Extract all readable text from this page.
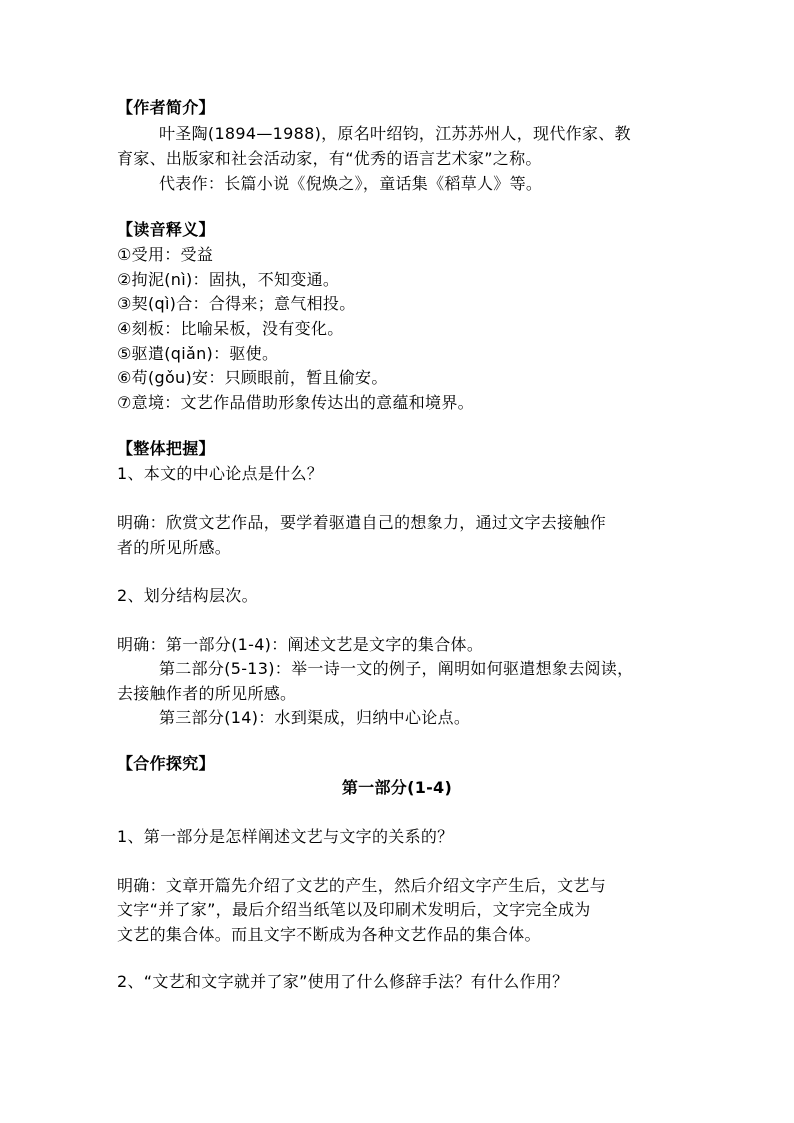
【作者简介】
叶圣陶(1894—1988)，原名叶绍钧，江苏苏州人，现代作家、教
育家、出版家和社会活动家，有“优秀的语言艺术家”之称。
代表作：长篇小说《倪焕之》，童话集《稻草人》等。
【读音释义】
①受用：受益
②拘泥(nì)：固执，不知变通。
③契(qì)合：合得来；意气相投。
④刻板：比喻呆板，没有变化。
⑤驱遣(qiǎn)：驱使。
⑥苟(gǒu)安：只顾眼前，暂且偷安。
⑦意境：文艺作品借助形象传达出的意蕴和境界。
【整体把握】
1、本文的中心论点是什么？
明确：欣赏文艺作品，要学着驱遣自己的想象力，通过文字去接触作
者的所见所感。
2、划分结构层次。
明确：第一部分(1-4)：阐述文艺是文字的集合体。
第二部分(5-13)：举一诗一文的例子，阐明如何驱遣想象去阅读，
去接触作者的所见所感。
第三部分(14)：水到渠成，归纳中心论点。
【合作探究】
第一部分(1-4)
1、第一部分是怎样阐述文艺与文字的关系的？
明确：文章开篇先介绍了文艺的产生，然后介绍文字产生后，文艺与
文字“并了家”，最后介绍当纸笔以及印刷术发明后，文字完全成为
文艺的集合体。而且文字不断成为各种文艺作品的集合体。
2、“文艺和文字就并了家”使用了什么修辞手法？有什么作用？
